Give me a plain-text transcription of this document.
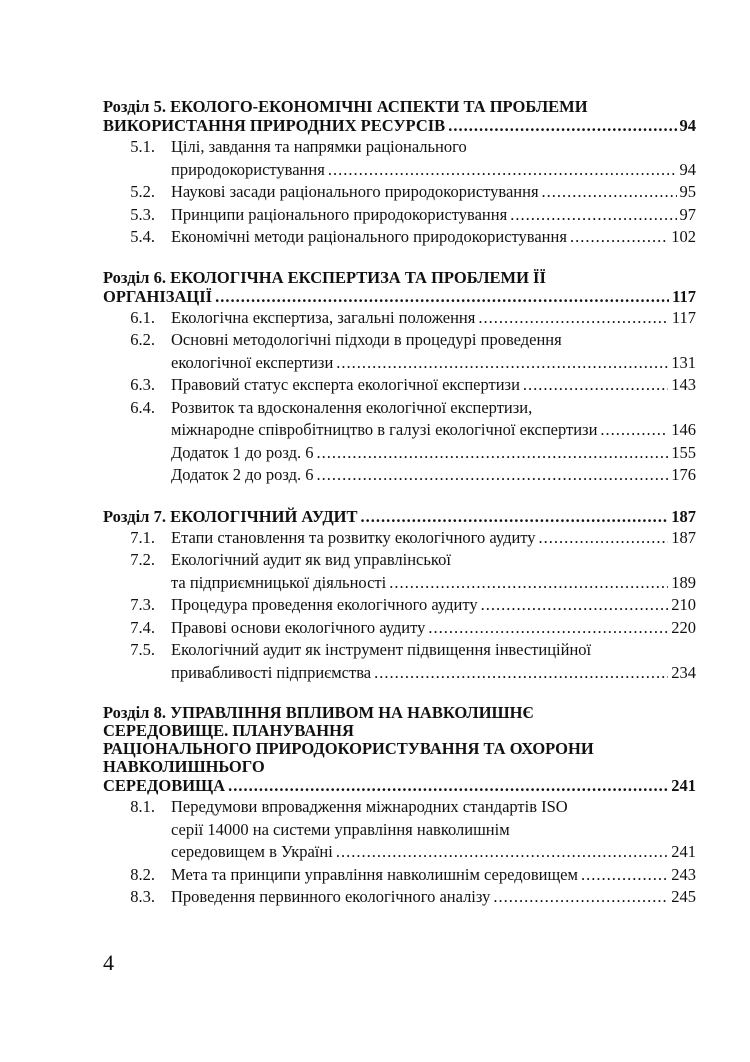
Розділ 5. ЕКОЛОГО-ЕКОНОМІЧНІ АСПЕКТИ ТА ПРОБЛЕМИ
ВИКОРИСТАННЯ ПРИРОДНИХ РЕСУРСІВ .....	94
5.1. Цілі, завдання та напрямки раціонального
природокористування .....	94
5.2. Наукові засади раціонального природокористування .....	95
5.3. Принципи раціонального природокористування .....	97
5.4. Економічні методи раціонального природокористування .....	102
Розділ 6. ЕКОЛОГІЧНА ЕКСПЕРТИЗА ТА ПРОБЛЕМИ ЇЇ
ОРГАНІЗАЦІЇ .....	117
6.1. Екологічна експертиза, загальні положення .....	117
6.2. Основні методологічні підходи в процедурі проведення
екологічної експертизи .....	131
6.3. Правовий статус експерта екологічної експертизи .....	143
6.4. Розвиток та вдосконалення екологічної експертизи,
міжнародне співробітництво в галузі екологічної експертизи .....	146
Додаток 1 до розд. 6 .....	155
Додаток 2 до розд. 6 .....	176
Розділ 7. ЕКОЛОГІЧНИЙ АУДИТ .....	187
7.1. Етапи становлення та розвитку екологічного аудиту .....	187
7.2. Екологічний аудит як вид управлінської
та підприємницької діяльності .....	189
7.3. Процедура проведення екологічного аудиту .....	210
7.4. Правові основи екологічного аудиту .....	220
7.5. Екологічний аудит як інструмент підвищення інвестиційної
привабливості підприємства .....	234
Розділ 8. УПРАВЛІННЯ ВПЛИВОМ НА НАВКОЛИШНЄ
СЕРЕДОВИЩЕ. ПЛАНУВАННЯ
РАЦІОНАЛЬНОГО ПРИРОДОКОРИСТУВАННЯ ТА ОХОРОНИ
НАВКОЛИШНЬОГО
СЕРЕДОВИЩА .....	241
8.1. Передумови впровадження міжнародних стандартів ISO
серії 14000 на системи управління навколишнім
середовищем в Україні .....	241
8.2. Мета та принципи управління навколишнім середовищем .....	243
8.3. Проведення первинного екологічного аналізу .....	245
4
